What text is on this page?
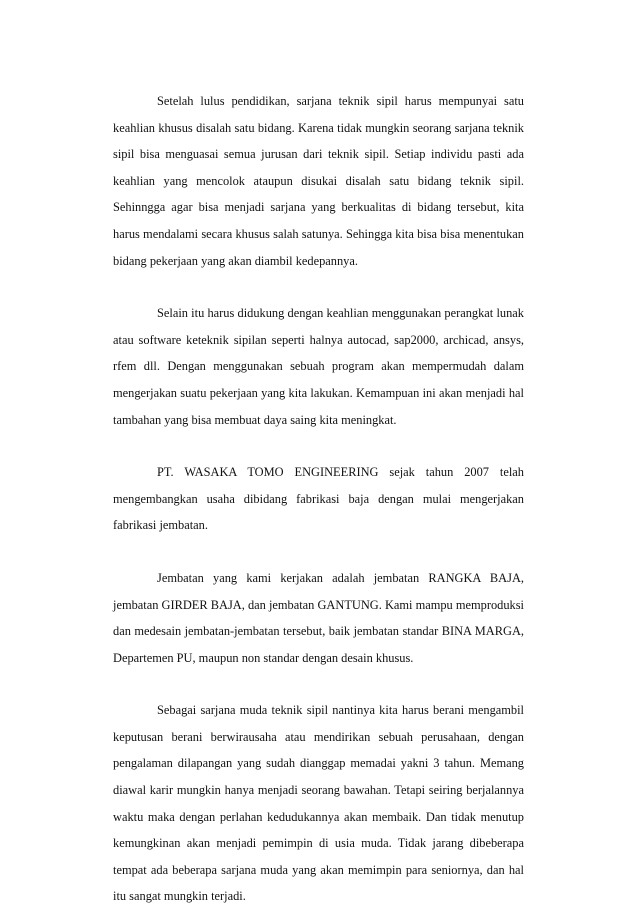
Setelah lulus pendidikan, sarjana teknik sipil harus mempunyai satu keahlian khusus disalah satu bidang. Karena tidak mungkin seorang sarjana teknik sipil bisa menguasai semua jurusan dari teknik sipil. Setiap individu pasti ada keahlian yang mencolok ataupun disukai disalah satu bidang teknik sipil. Sehinngga agar bisa menjadi sarjana yang berkualitas di bidang tersebut, kita harus mendalami secara khusus salah satunya. Sehingga kita bisa bisa menentukan bidang pekerjaan yang akan diambil kedepannya.

Selain itu harus didukung dengan keahlian menggunakan perangkat lunak atau software keteknik sipilan seperti halnya autocad, sap2000, archicad, ansys, rfem dll. Dengan menggunakan sebuah program akan mempermudah dalam mengerjakan suatu pekerjaan yang kita lakukan. Kemampuan ini akan menjadi hal tambahan yang bisa membuat daya saing kita meningkat.

PT. WASAKA TOMO ENGINEERING sejak tahun 2007 telah mengembangkan usaha dibidang fabrikasi baja dengan mulai mengerjakan fabrikasi jembatan.

Jembatan yang kami kerjakan adalah jembatan RANGKA BAJA, jembatan GIRDER BAJA, dan jembatan GANTUNG. Kami mampu memproduksi dan medesain jembatan-jembatan tersebut, baik jembatan standar BINA MARGA, Departemen PU, maupun non standar dengan desain khusus.

Sebagai sarjana muda teknik sipil nantinya kita harus berani mengambil keputusan berani berwirausaha atau mendirikan sebuah perusahaan, dengan pengalaman dilapangan yang sudah dianggap memadai yakni 3 tahun. Memang diawal karir mungkin hanya menjadi seorang bawahan. Tetapi seiring berjalannya waktu maka dengan perlahan kedudukannya akan membaik. Dan tidak menutup kemungkinan akan menjadi pemimpin di usia muda. Tidak jarang dibeberapa tempat ada beberapa sarjana muda yang akan memimpin para seniornya, dan hal itu sangat mungkin terjadi.
